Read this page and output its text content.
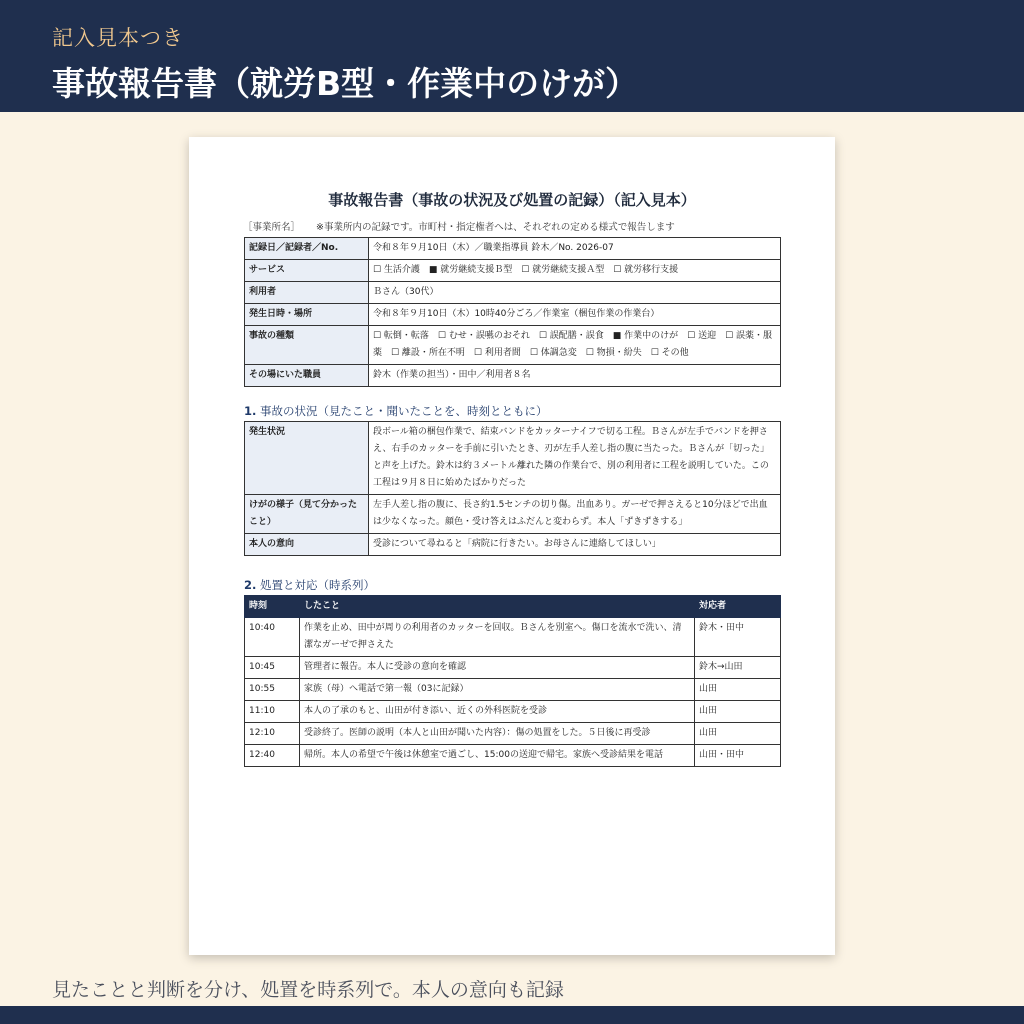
記入見本つき
事故報告書（就労B型・作業中のけが）
事故報告書（事故の状況及び処置の記録）（記入見本）
［事業所名］ ※事業所内の記録です。市町村・指定権者へは、それぞれの定める様式で報告します
記録日／記録者／No.	令和８年９月10日（木）／職業指導員 鈴木／No. 2026-07
サービス	☐ 生活介護　■ 就労継続支援Ｂ型　☐ 就労継続支援Ａ型　☐ 就労移行支援
利用者	Ｂさん（30代）
発生日時・場所	令和８年９月10日（木）10時40分ごろ／作業室（梱包作業の作業台）
事故の種類	☐ 転倒・転落　☐ むせ・誤嚥のおそれ　☐ 誤配膳・誤食　■ 作業中のけが　☐ 送迎　☐ 誤薬・服薬　☐ 離設・所在不明　☐ 利用者間　☐ 体調急変　☐ 物損・紛失　☐ その他
その場にいた職員	鈴木（作業の担当）・田中／利用者８名
1. 事故の状況（見たこと・聞いたことを、時刻とともに）
発生状況	段ボール箱の梱包作業で、結束バンドをカッターナイフで切る工程。Ｂさんが左手でバンドを押さえ、右手のカッターを手前に引いたとき、刃が左手人差し指の腹に当たった。Ｂさんが「切った」と声を上げた。鈴木は約３メートル離れた隣の作業台で、別の利用者に工程を説明していた。この工程は９月８日に始めたばかりだった
けがの様子（見て分かったこと）	左手人差し指の腹に、長さ約1.5センチの切り傷。出血あり。ガーゼで押さえると10分ほどで出血は少なくなった。顔色・受け答えはふだんと変わらず。本人「ずきずきする」
本人の意向	受診について尋ねると「病院に行きたい。お母さんに連絡してほしい」
2. 処置と対応（時系列）
時刻	したこと	対応者
10:40	作業を止め、田中が周りの利用者のカッターを回収。Ｂさんを別室へ。傷口を流水で洗い、清潔なガーゼで押さえた	鈴木・田中
10:45	管理者に報告。本人に受診の意向を確認	鈴木→山田
10:55	家族（母）へ電話で第一報（03に記録）	山田
11:10	本人の了承のもと、山田が付き添い、近くの外科医院を受診	山田
12:10	受診終了。医師の説明（本人と山田が聞いた内容）：傷の処置をした。５日後に再受診	山田
12:40	帰所。本人の希望で午後は休憩室で過ごし、15:00の送迎で帰宅。家族へ受診結果を電話	山田・田中
見たことと判断を分け、処置を時系列で。本人の意向も記録
